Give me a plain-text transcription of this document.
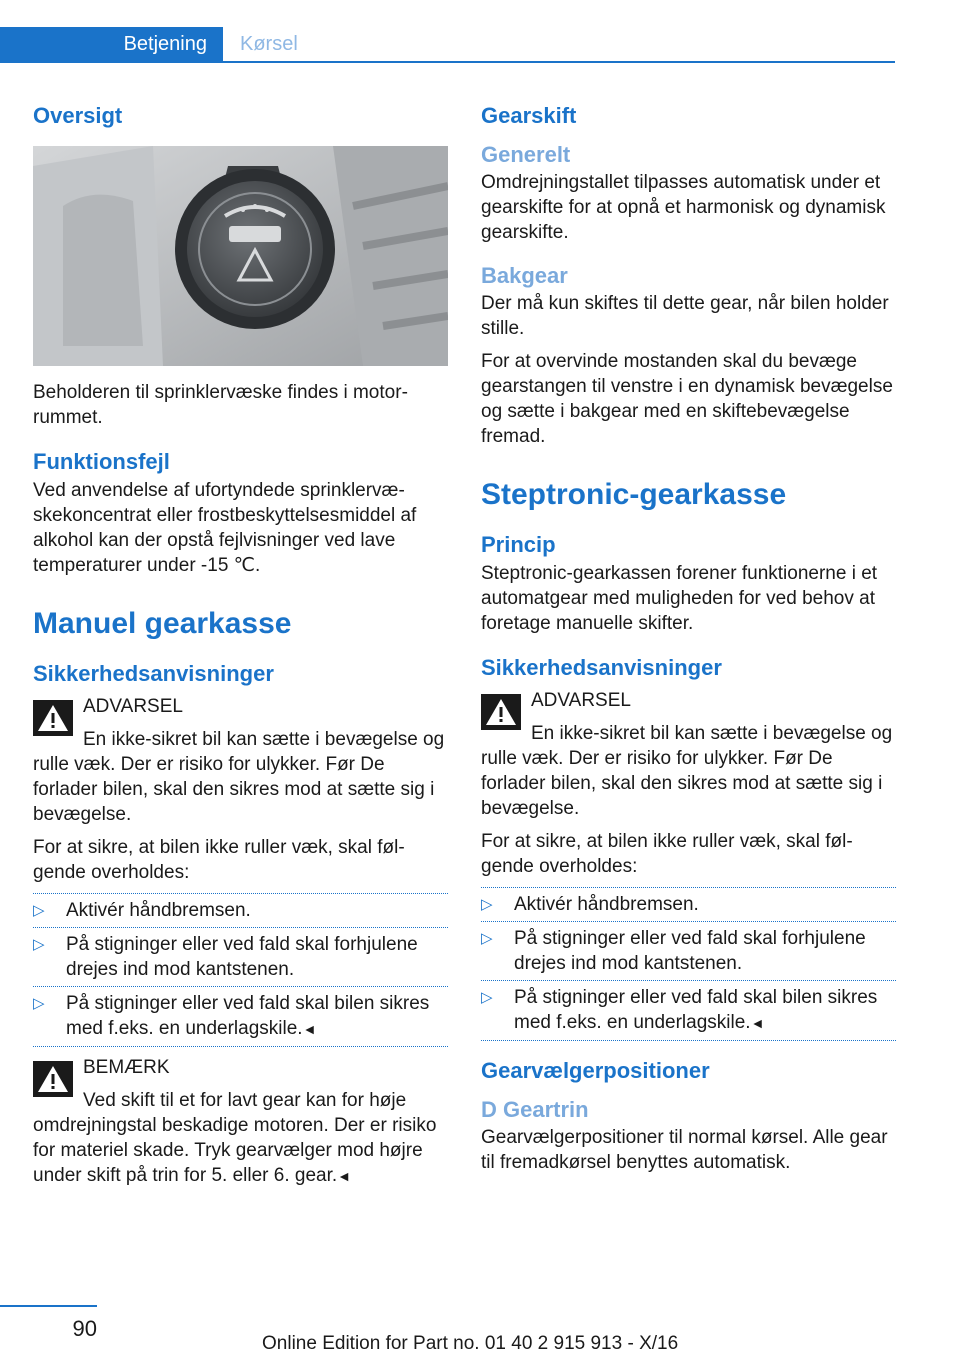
Betjening	Kørsel
Oversigt

Beholderen til sprinklervæske findes i motorrummet.

Funktionsfejl

Ved anvendelse af ufortyndede sprinklervæskekoncentrat eller frostbeskyttelsesmiddel af alkohol kan der opstå fejlvisninger ved lave temperaturer under -15 ℃.

Manuel gearkasse
Sikkerhedsanvisninger
ADVARSEL

En ikke-sikret bil kan sætte i bevægelse og rulle væk. Der er risiko for ulykker. Før De forlader bilen, skal den sikres mod at sætte sig i bevægelse.

For at sikre, at bilen ikke ruller væk, skal følgende overholdes:

▷ Aktivér håndbremsen.
▷ På stigninger eller ved fald skal forhjulene drejes ind mod kantstenen.
▷ På stigninger eller ved fald skal bilen sikres med f.eks. en underlagskile.◄
BEMÆRK

Ved skift til et for lavt gear kan for høje omdrejningstal beskadige motoren. Der er risiko for materiel skade. Tryk gearvælger mod højre under skift på trin for 5. eller 6. gear.◄

Gearskift
Generelt

Omdrejningstallet tilpasses automatisk under et gearskifte for at opnå et harmonisk og dynamisk gearskifte.

Bakgear

Der må kun skiftes til dette gear, når bilen holder stille.

For at overvinde mostanden skal du bevæge gearstangen til venstre i en dynamisk bevægelse og sætte i bakgear med en skiftebevægelse fremad.

Steptronic-gearkasse
Princip

Steptronic-gearkassen forener funktionerne i et automatgear med muligheden for ved behov at foretage manuelle skifter.

Sikkerhedsanvisninger
ADVARSEL

En ikke-sikret bil kan sætte i bevægelse og rulle væk. Der er risiko for ulykker. Før De forlader bilen, skal den sikres mod at sætte sig i bevægelse.

For at sikre, at bilen ikke ruller væk, skal følgende overholdes:

▷ Aktivér håndbremsen.
▷ På stigninger eller ved fald skal forhjulene drejes ind mod kantstenen.
▷ På stigninger eller ved fald skal bilen sikres med f.eks. en underlagskile.◄
Gearvælgerpositioner
D Geartrin

Gearvælgerpositioner til normal kørsel. Alle gear til fremadkørsel benyttes automatisk.

90
Online Edition for Part no. 01 40 2 915 913 - X/16
